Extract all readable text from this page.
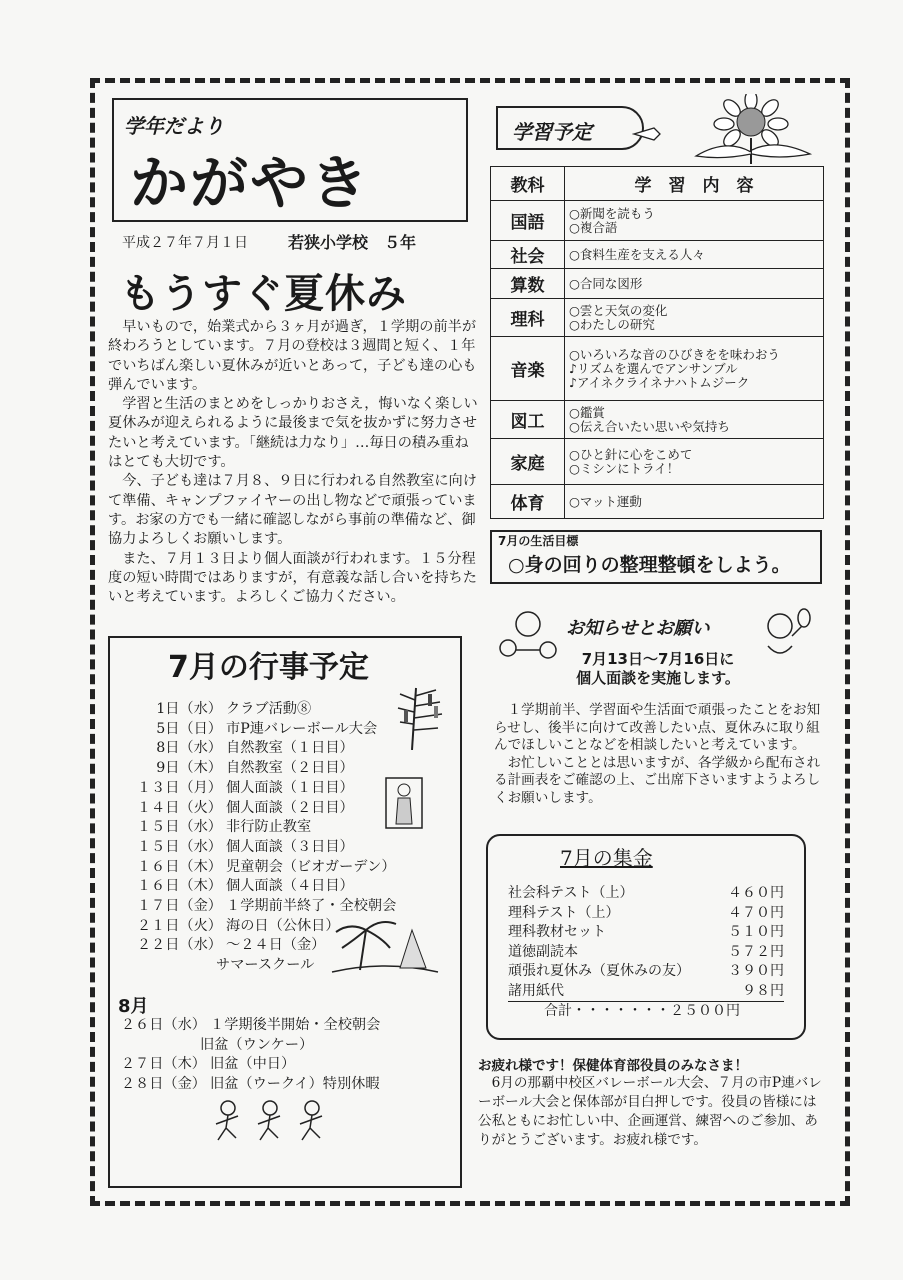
学年だより
かがやき
平成２７年７月１日	若狭小学校　５年
もうすぐ夏休み

早いもので，始業式から３ヶ月が過ぎ，１学期の前半が終わろうとしています。７月の登校は３週間と短く、１年でいちばん楽しい夏休みが近いとあって，子ども達の心も弾んでいます。

学習と生活のまとめをしっかりおさえ，悔いなく楽しい夏休みが迎えられるように最後まで気を抜かずに努力させたいと考えています。「継続は力なり」…毎日の積み重ねはとても大切です。

今、子ども達は７月８、９日に行われる自然教室に向けて準備、キャンプファイヤーの出し物などで頑張っています。お家の方でも一緒に確認しながら事前の準備など、御協力よろしくお願いします。

また、７月１３日より個人面談が行われます。１５分程度の短い時間ではありますが，有意義な話し合いを持ちたいと考えています。よろしくご協力ください。

7月の行事予定
1日（水） クラブ活動⑧
5日（日） 市P連バレーボール大会
8日（水） 自然教室（１日目）
9日（木） 自然教室（２日目）
１３日（月） 個人面談（１日目）
１４日（火） 個人面談（２日目）
１５日（水） 非行防止教室
１５日（水） 個人面談（３日目）
１６日（木） 児童朝会（ビオガーデン）
１６日（木） 個人面談（４日目）
１７日（金） １学期前半終了・全校朝会
２１日（火） 海の日（公休日）
２２日（水） ～２４日（金）
サマースクール
8月
２６日（水） １学期後半開始・全校朝会
旧盆（ウンケー）
２７日（木） 旧盆（中日）
２８日（金） 旧盆（ウークイ）特別休暇
学習予定
教科	学　習　内　容
国語	○新聞を読もう
○複合語
社会	○食料生産を支える人々
算数	○合同な図形
理科	○雲と天気の変化
○わたしの研究
音楽	○いろいろな音のひびきをを味わおう
♪リズムを選んでアンサンブル
♪アイネクライネナハトムジーク
図工	○鑑賞
○伝え合いたい思いや気持ち
家庭	○ひと針に心をこめて
○ミシンにトライ！
体育	○マット運動
7月の生活目標
○身の回りの整理整頓をしよう。
お知らせとお願い
7月13日～7月16日に
個人面談を実施します。

１学期前半、学習面や生活面で頑張ったことをお知らせし、後半に向けて改善したい点、夏休みに取り組んでほしいことなどを相談したいと考えています。

お忙しいこととは思いますが、各学級から配布される計画表をご確認の上、ご出席下さいますようよろしくお願いします。

7月の集金
社会科テスト（上）	４６０円
理科テスト（上）	４７０円
理科教材セット	５１０円
道徳副読本	５７２円
頑張れ夏休み（夏休みの友）	３９０円
諸用紙代	９８円
合計・・・・・・・２５００円
お疲れ様です！保健体育部役員のみなさま！

6月の那覇中校区バレーボール大会、７月の市P連バレーボール大会と保体部が目白押しです。役員の皆様には公私ともにお忙しい中、企画運営、練習へのご参加、ありがとうございます。お疲れ様です。
